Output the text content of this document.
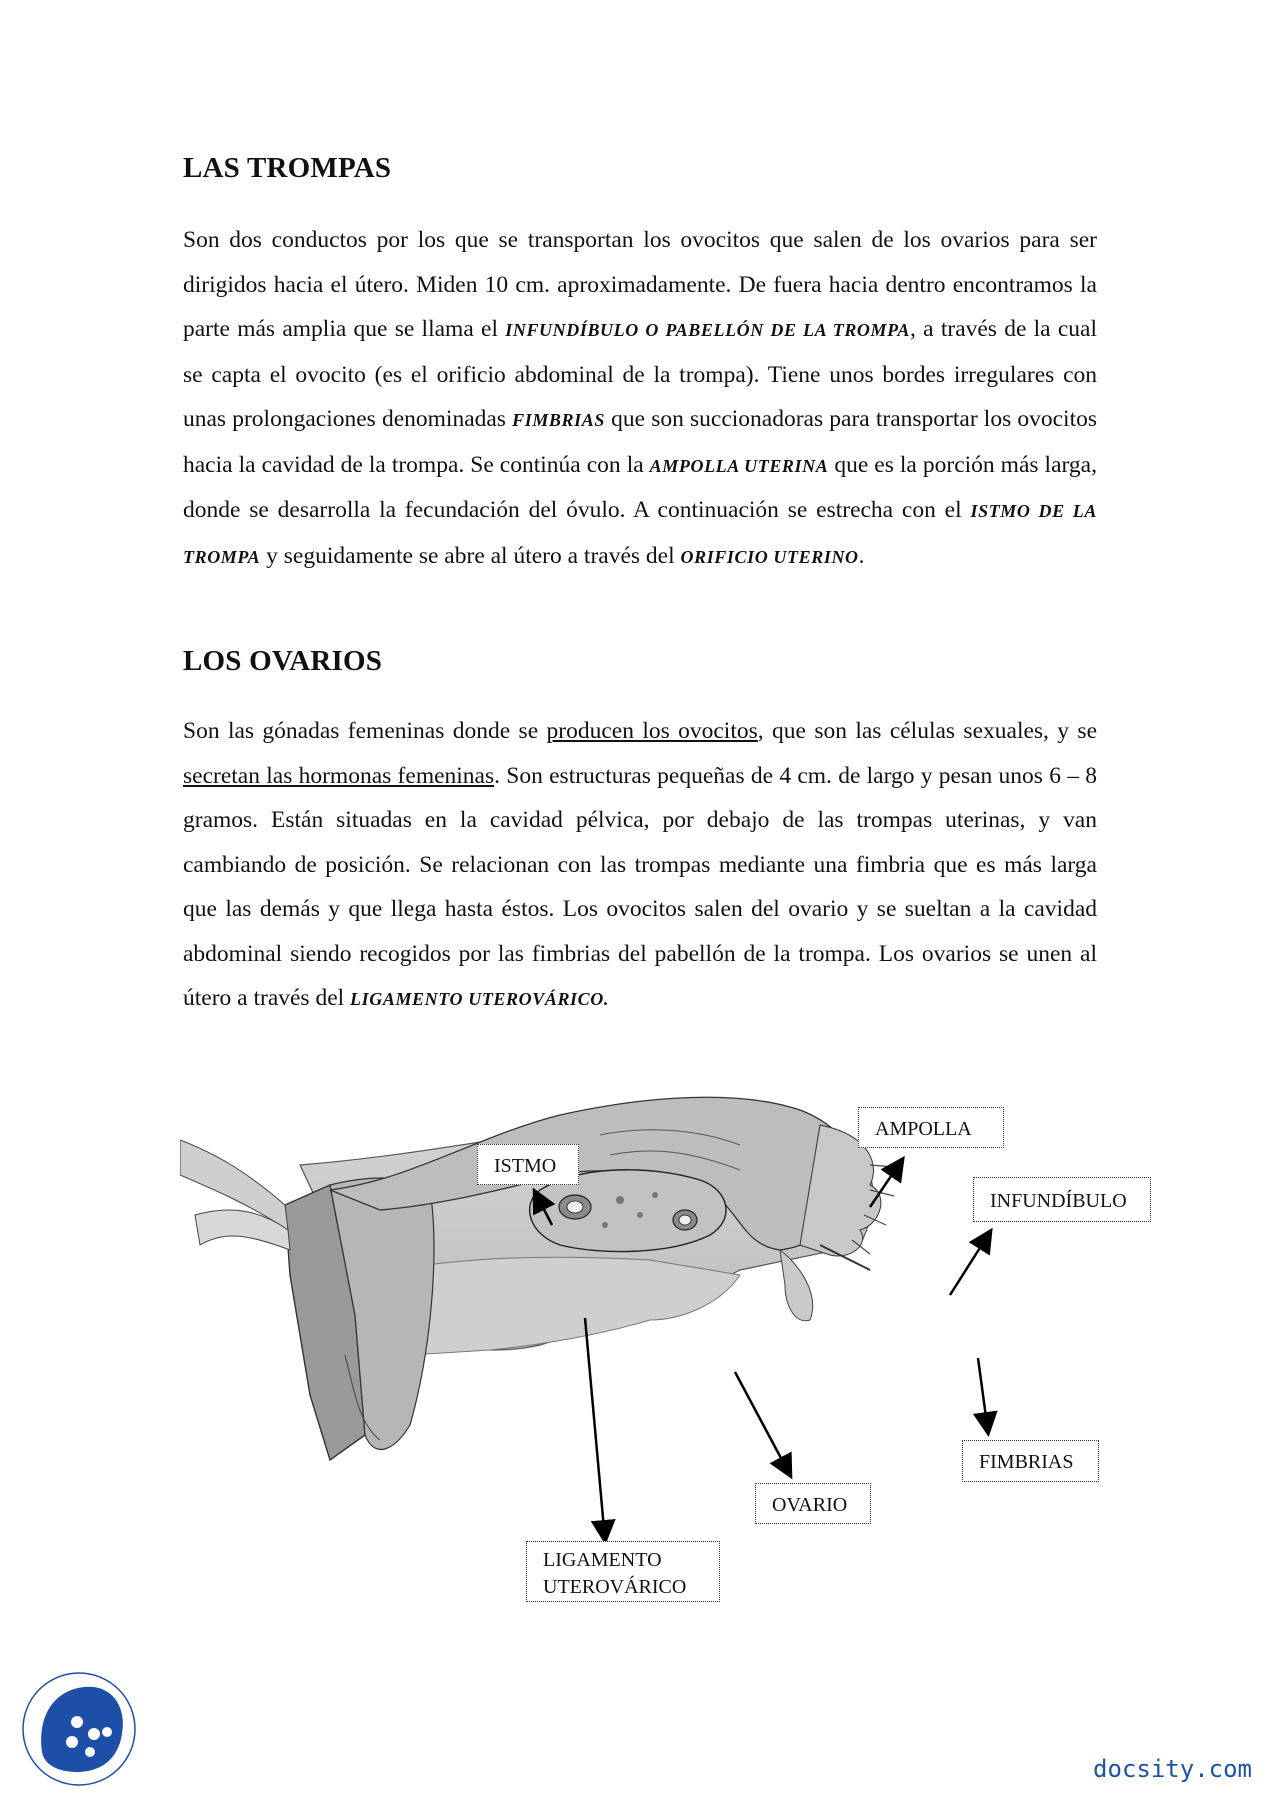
LAS TROMPAS

Son dos conductos por los que se transportan los ovocitos que salen de los ovarios para ser dirigidos hacia el útero. Miden 10 cm. aproximadamente. De fuera hacia dentro encontramos la parte más amplia que se llama el INFUNDÍBULO O PABELLÓN DE LA TROMPA, a través de la cual se capta el ovocito (es el orificio abdominal de la trompa). Tiene unos bordes irregulares con unas prolongaciones denominadas FIMBRIAS que son succionadoras para transportar los ovocitos hacia la cavidad de la trompa. Se continúa con la AMPOLLA UTERINA que es la porción más larga, donde se desarrolla la fecundación del óvulo. A continuación se estrecha con el ISTMO DE LA TROMPA y seguidamente se abre al útero a través del ORIFICIO UTERINO.

LOS OVARIOS

Son las gónadas femeninas donde se producen los ovocitos, que son las células sexuales, y se secretan las hormonas femeninas. Son estructuras pequeñas de 4 cm. de largo y pesan unos 6 – 8 gramos. Están situadas en la cavidad pélvica, por debajo de las trompas uterinas, y van cambiando de posición. Se relacionan con las trompas mediante una fimbria que es más larga que las demás y que llega hasta éstos. Los ovocitos salen del ovario y se sueltan a la cavidad abdominal siendo recogidos por las fimbrias del pabellón de la trompa. Los ovarios se unen al útero a través del LIGAMENTO UTEROVÁRICO.

ISTMO
AMPOLLA
INFUNDÍBULO
FIMBRIAS
OVARIO
LIGAMENTO
UTEROVÁRICO
docsity.com
